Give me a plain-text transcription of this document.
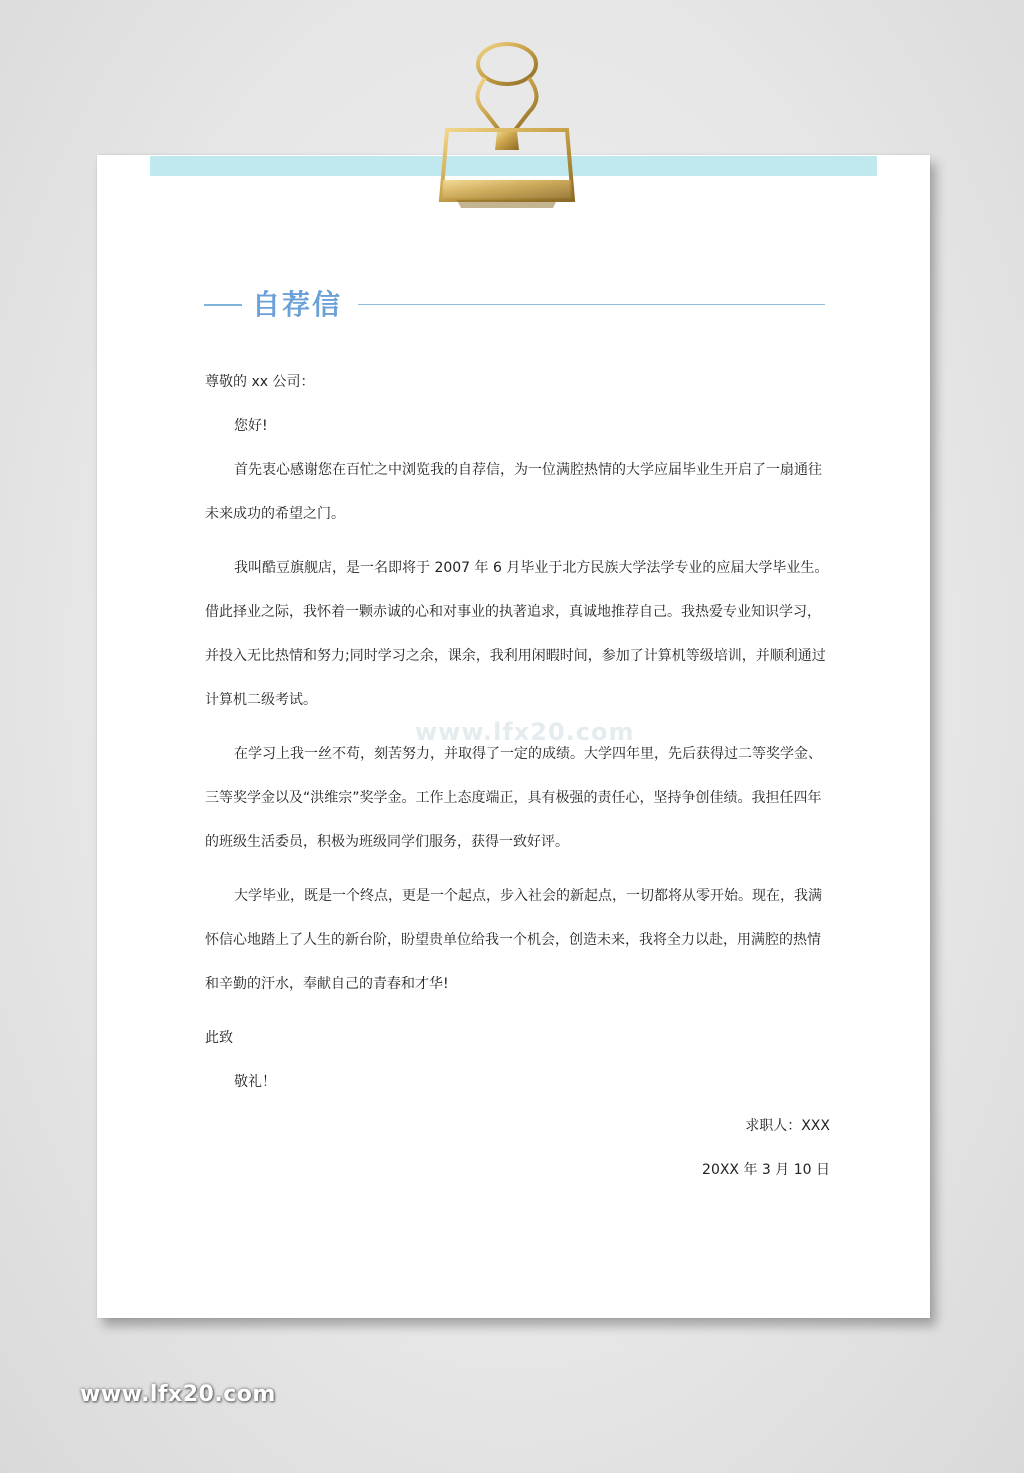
自荐信

尊敬的 xx 公司：

您好!

首先衷心感谢您在百忙之中浏览我的自荐信，为一位满腔热情的大学应届毕业生开启了一扇通往未来成功的希望之门。

我叫酷豆旗舰店，是一名即将于 2007 年 6 月毕业于北方民族大学法学专业的应届大学毕业生。借此择业之际，我怀着一颗赤诚的心和对事业的执著追求，真诚地推荐自己。我热爱专业知识学习，并投入无比热情和努力;同时学习之余，课余，我利用闲暇时间，参加了计算机等级培训，并顺利通过计算机二级考试。

在学习上我一丝不苟，刻苦努力，并取得了一定的成绩。大学四年里，先后获得过二等奖学金、三等奖学金以及“洪维宗”奖学金。工作上态度端正，具有极强的责任心，坚持争创佳绩。我担任四年的班级生活委员，积极为班级同学们服务，获得一致好评。

大学毕业，既是一个终点，更是一个起点，步入社会的新起点，一切都将从零开始。现在，我满怀信心地踏上了人生的新台阶，盼望贵单位给我一个机会，创造未来，我将全力以赴，用满腔的热情和辛勤的汗水，奉献自己的青春和才华!

此致

敬礼！

求职人：XXX

20XX 年 3 月 10 日

www.lfx20.com
www.lfx20.com
